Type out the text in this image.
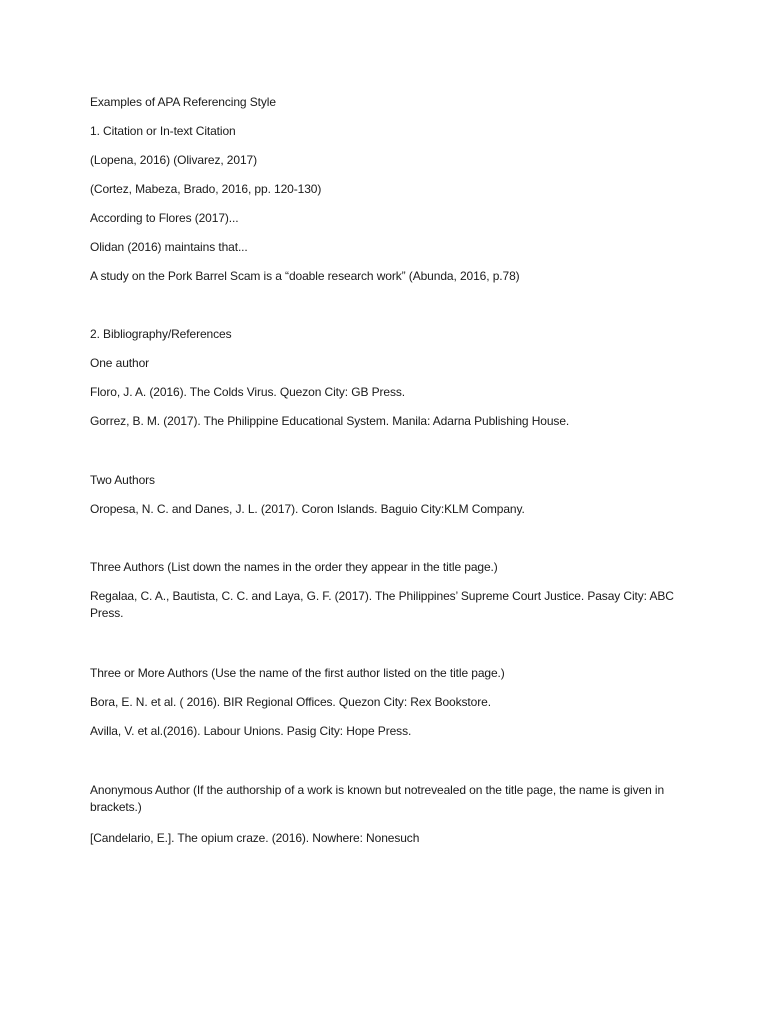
Examples of APA Referencing Style
1. Citation or In-text Citation
(Lopena, 2016) (Olivarez, 2017)
(Cortez, Mabeza, Brado, 2016, pp. 120-130)
According to Flores (2017)...
Olidan (2016) maintains that...
A study on the Pork Barrel Scam is a “doable research work” (Abunda, 2016, p.78)
2. Bibliography/References
One author
Floro, J. A. (2016). The Colds Virus. Quezon City: GB Press.
Gorrez, B. M. (2017). The Philippine Educational System. Manila: Adarna Publishing House.
Two Authors
Oropesa, N. C. and Danes, J. L. (2017). Coron Islands. Baguio City:KLM Company.
Three Authors (List down the names in the order they appear in the title page.)
Regalaa, C. A., Bautista, C. C. and Laya, G. F. (2017). The Philippines’ Supreme Court Justice. Pasay City: ABC Press.
Three or More Authors (Use the name of the first author listed on the title page.)
Bora, E. N. et al. ( 2016). BIR Regional Offices. Quezon City: Rex Bookstore.
Avilla, V. et al.(2016). Labour Unions. Pasig City: Hope Press.
Anonymous Author (If the authorship of a work is known but notrevealed on the title page, the name is given in brackets.)
[Candelario, E.]. The opium craze. (2016). Nowhere: Nonesuch
